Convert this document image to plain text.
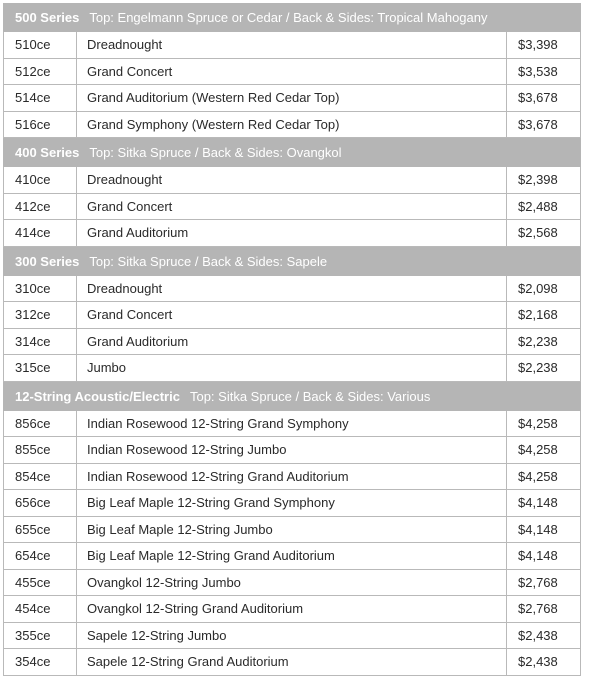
500 Series Top: Engelmann Spruce or Cedar / Back & Sides: Tropical Mahogany
510ce	Dreadnought	$3,398
512ce	Grand Concert	$3,538
514ce	Grand Auditorium (Western Red Cedar Top)	$3,678
516ce	Grand Symphony (Western Red Cedar Top)	$3,678
400 Series Top: Sitka Spruce / Back & Sides: Ovangkol
410ce	Dreadnought	$2,398
412ce	Grand Concert	$2,488
414ce	Grand Auditorium	$2,568
300 Series Top: Sitka Spruce / Back & Sides: Sapele
310ce	Dreadnought	$2,098
312ce	Grand Concert	$2,168
314ce	Grand Auditorium	$2,238
315ce	Jumbo	$2,238
12-String Acoustic/Electric Top: Sitka Spruce / Back & Sides: Various
856ce	Indian Rosewood 12-String Grand Symphony	$4,258
855ce	Indian Rosewood 12-String Jumbo	$4,258
854ce	Indian Rosewood 12-String Grand Auditorium	$4,258
656ce	Big Leaf Maple 12-String Grand Symphony	$4,148
655ce	Big Leaf Maple 12-String Jumbo	$4,148
654ce	Big Leaf Maple 12-String Grand Auditorium	$4,148
455ce	Ovangkol 12-String Jumbo	$2,768
454ce	Ovangkol 12-String Grand Auditorium	$2,768
355ce	Sapele 12-String Jumbo	$2,438
354ce	Sapele 12-String Grand Auditorium	$2,438
